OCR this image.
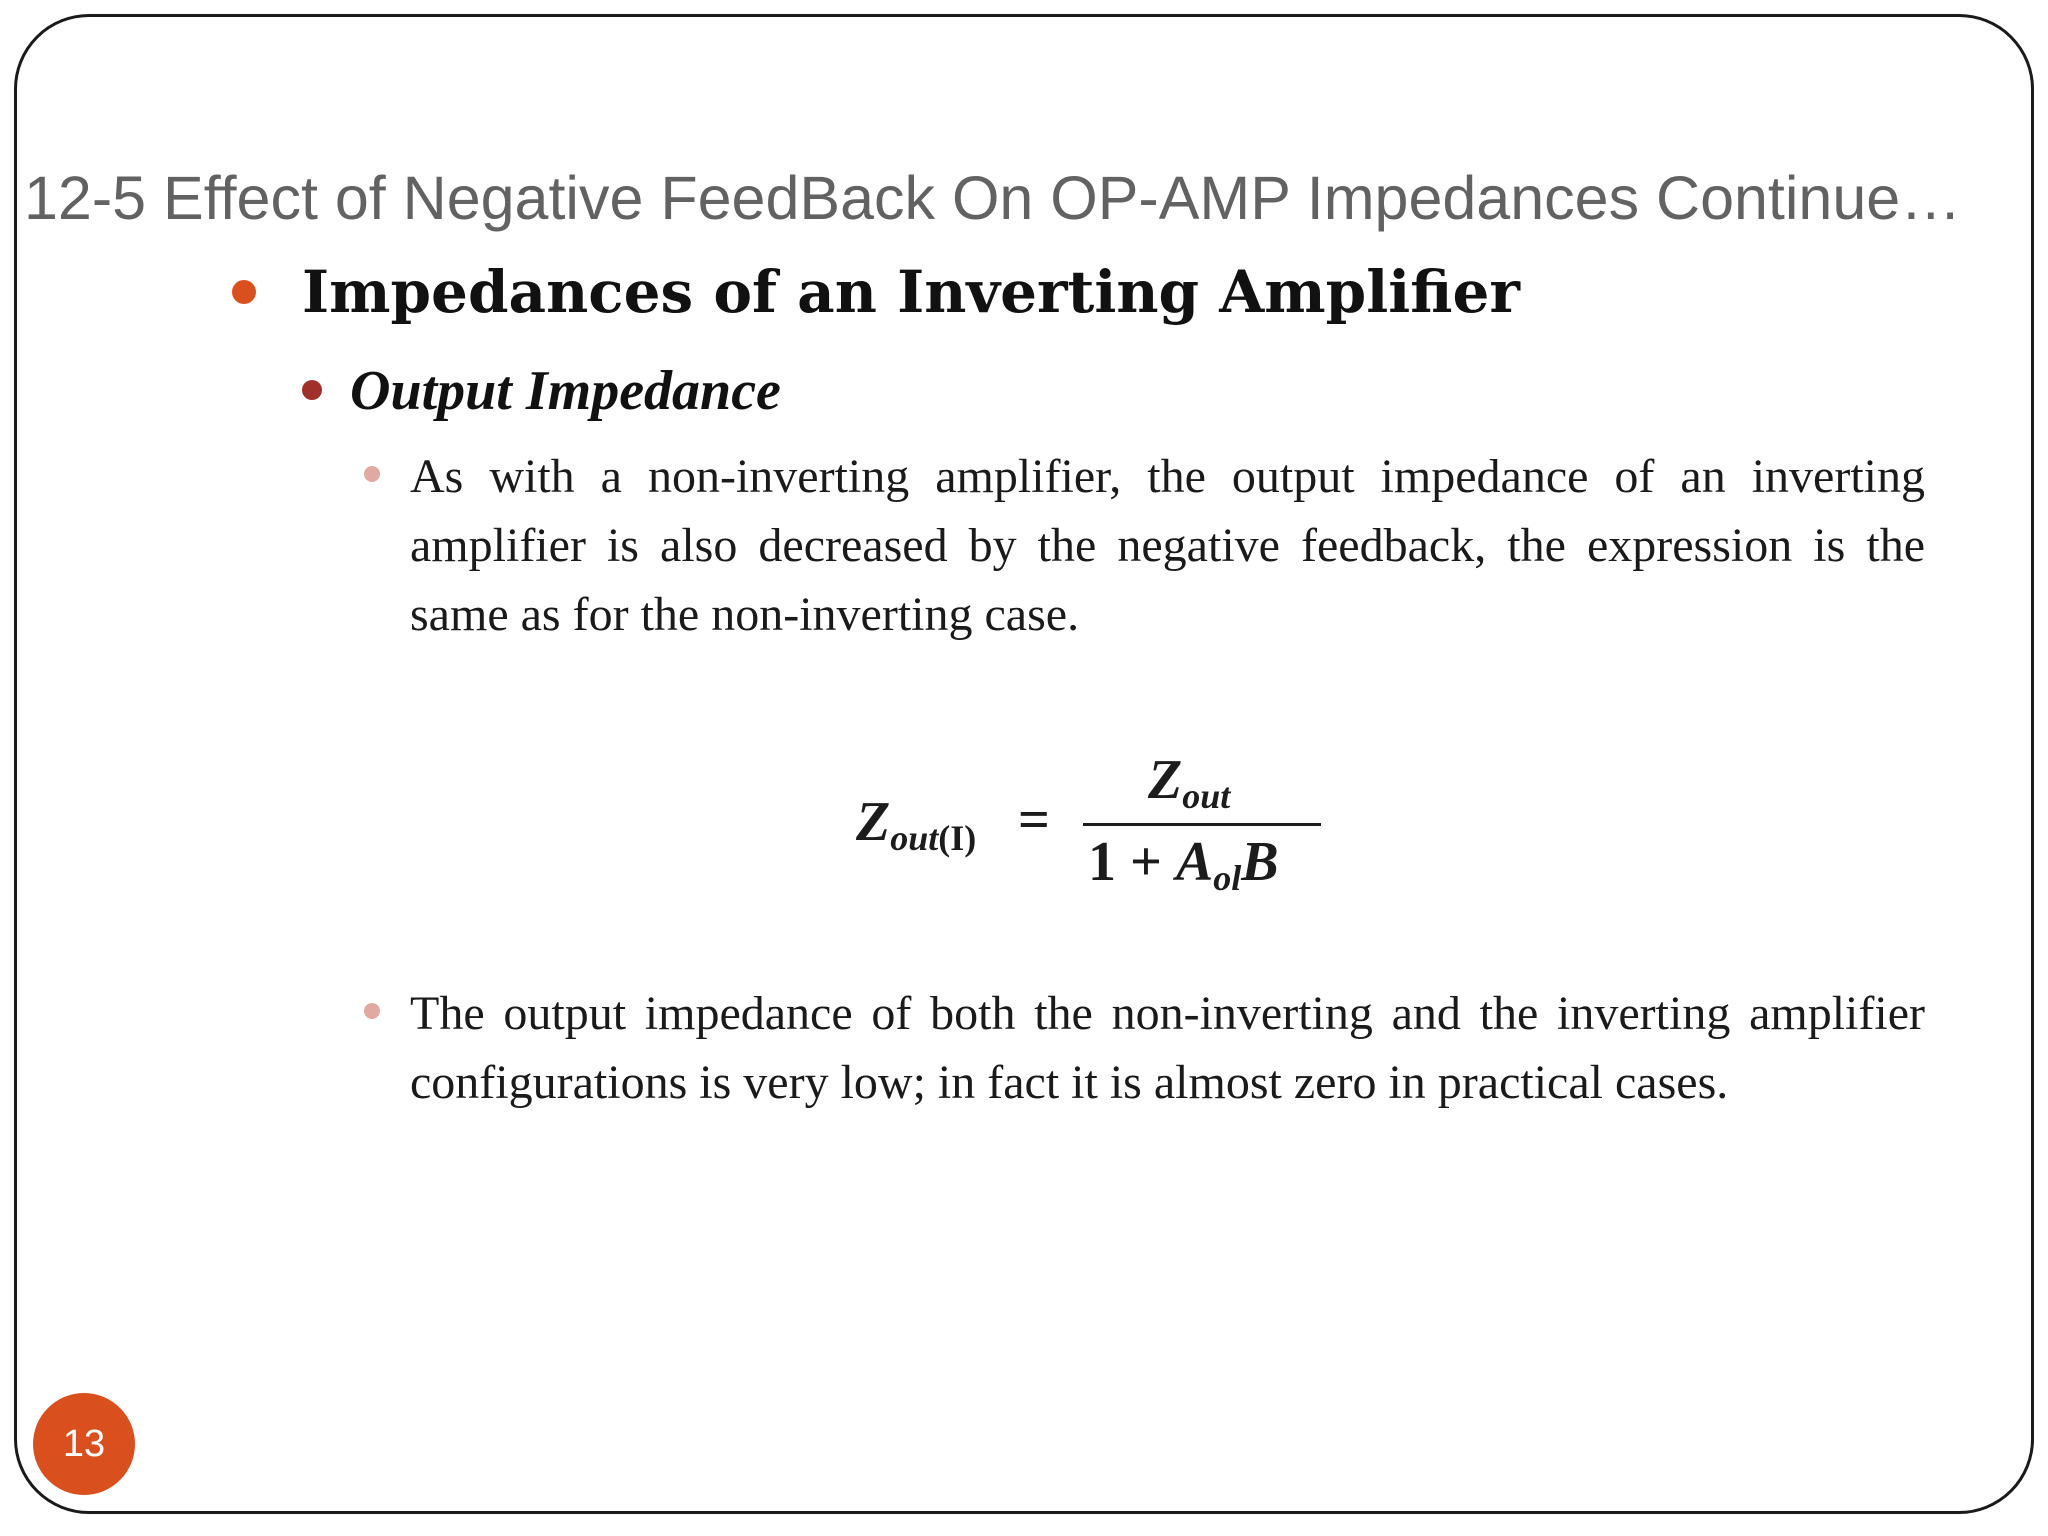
12-5 Effect of Negative FeedBack On OP-AMP Impedances Continue…
Impedances of an Inverting Amplifier
Output Impedance
As with a non-inverting amplifier, the output impedance of an inverting amplifier is also decreased by the negative feedback, the expression is the same as for the non-inverting case.
Zout(I) =
Zout
1 + AolB
The output impedance of both the non-inverting and the inverting amplifier configurations is very low; in fact it is almost zero in practical cases.
13
